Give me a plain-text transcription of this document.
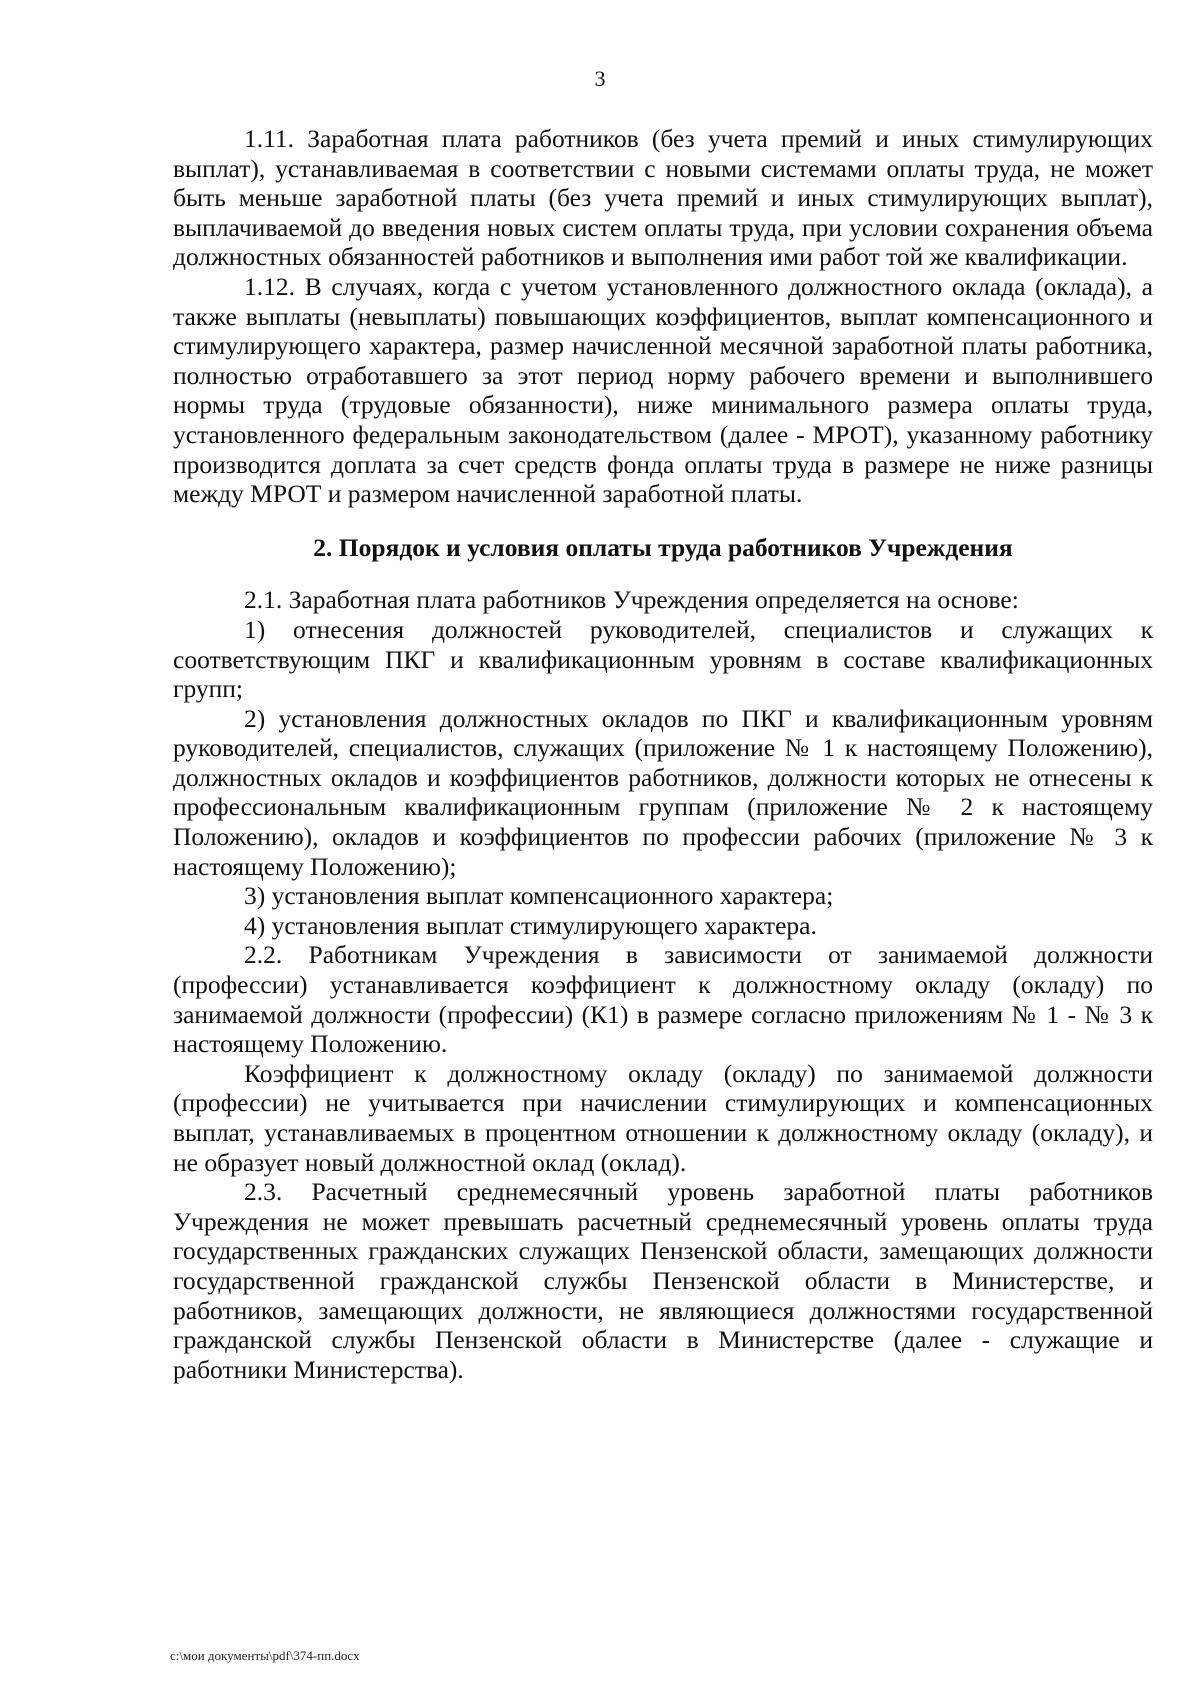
3

1.11. Заработная плата работников (без учета премий и иных стимулирующих выплат), устанавливаемая в соответствии с новыми системами оплаты труда, не может быть меньше заработной платы (без учета премий и иных стимулирующих выплат), выплачиваемой до введения новых систем оплаты труда, при условии сохранения объема должностных обязанностей работников и выполнения ими работ той же квалификации.

1.12. В случаях, когда с учетом установленного должностного оклада (оклада), а также выплаты (невыплаты) повышающих коэффициентов, выплат компенсационного и стимулирующего характера, размер начисленной месячной заработной платы работника, полностью отработавшего за этот период норму рабочего времени и выполнившего нормы труда (трудовые обязанности), ниже минимального размера оплаты труда, установленного федеральным законодательством (далее - МРОТ), указанному работнику производится доплата за счет средств фонда оплаты труда в размере не ниже разницы между МРОТ и размером начисленной заработной платы.

2. Порядок и условия оплаты труда работников Учреждения

2.1. Заработная плата работников Учреждения определяется на основе:

1) отнесения должностей руководителей, специалистов и служащих к соответствующим ПКГ и квалификационным уровням в составе квалификационных групп;

2) установления должностных окладов по ПКГ и квалификационным уровням руководителей, специалистов, служащих (приложение № 1 к настоящему Положению), должностных окладов и коэффициентов работников, должности которых не отнесены к профессиональным квалификационным группам (приложение № 2 к настоящему Положению), окладов и коэффициентов по профессии рабочих (приложение № 3 к настоящему Положению);

3) установления выплат компенсационного характера;

4) установления выплат стимулирующего характера.

2.2. Работникам Учреждения в зависимости от занимаемой должности (профессии) устанавливается коэффициент к должностному окладу (окладу) по занимаемой должности (профессии) (К1) в размере согласно приложениям № 1 - № 3 к настоящему Положению.

Коэффициент к должностному окладу (окладу) по занимаемой должности (профессии) не учитывается при начислении стимулирующих и компенсационных выплат, устанавливаемых в процентном отношении к должностному окладу (окладу), и не образует новый должностной оклад (оклад).

2.3. Расчетный среднемесячный уровень заработной платы работников Учреждения не может превышать расчетный среднемесячный уровень оплаты труда государственных гражданских служащих Пензенской области, замещающих должности государственной гражданской службы Пензенской области в Министерстве, и работников, замещающих должности, не являющиеся должностями государственной гражданской службы Пензенской области в Министерстве (далее - служащие и работники Министерства).

c:\мои документы\pdf\374-пп.docx
